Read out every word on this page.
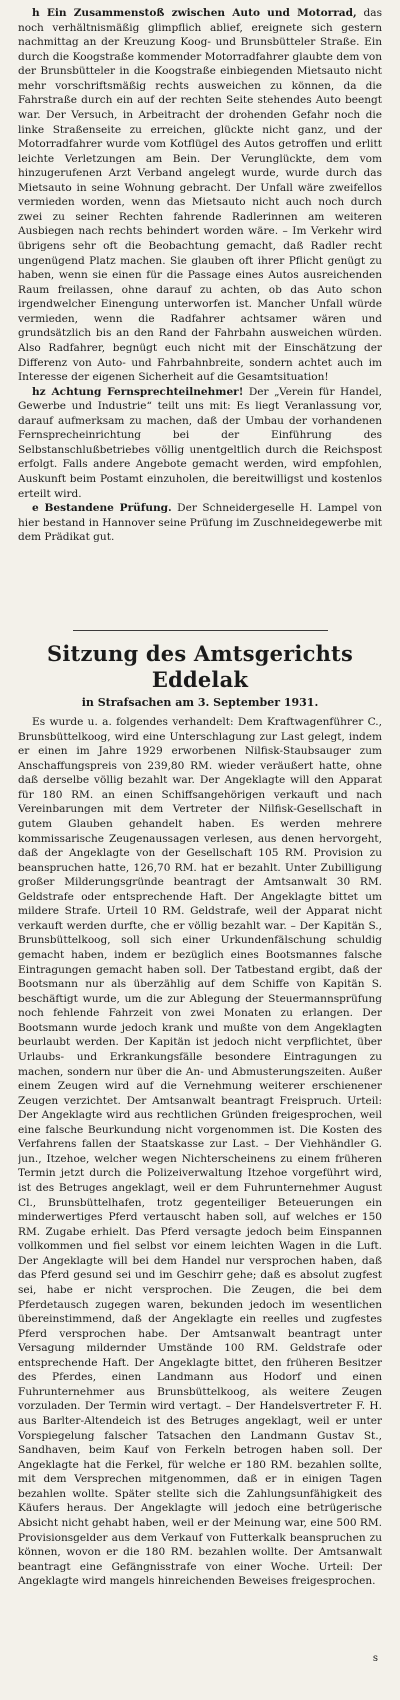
h Ein Zusammenstoß zwischen Auto und Motorrad, das noch verhältnismäßig glimpflich ablief, ereignete sich gestern nachmittag an der Kreuzung Koog- und Brunsbütteler Straße. Ein durch die Koogstraße kommender Motorradfahrer glaubte dem von der Brunsbütteler in die Koogstraße einbiegenden Mietsauto nicht mehr vorschriftsmäßig rechts ausweichen zu können, da die Fahrstraße durch ein auf der rechten Seite stehendes Auto beengt war. Der Versuch, in Arbeitracht der drohenden Gefahr noch die linke Straßenseite zu erreichen, glückte nicht ganz, und der Motorradfahrer wurde vom Kotflügel des Autos getroffen und erlitt leichte Verletzungen am Bein. Der Verunglückte, dem vom hinzugerufenen Arzt Verband angelegt wurde, wurde durch das Mietsauto in seine Wohnung gebracht. Der Unfall wäre zweifellos vermieden worden, wenn das Mietsauto nicht auch noch durch zwei zu seiner Rechten fahrende Radlerinnen am weiteren Ausbiegen nach rechts behindert worden wäre. – Im Verkehr wird übrigens sehr oft die Beobachtung gemacht, daß Radler recht ungenügend Platz machen. Sie glauben oft ihrer Pflicht genügt zu haben, wenn sie einen für die Passage eines Autos ausreichenden Raum freilassen, ohne darauf zu achten, ob das Auto schon irgendwelcher Einengung unterworfen ist. Mancher Unfall würde vermieden, wenn die Radfahrer achtsamer wären und grundsätzlich bis an den Rand der Fahrbahn ausweichen würden. Also Radfahrer, begnügt euch nicht mit der Einschätzung der Differenz von Auto- und Fahrbahnbreite, sondern achtet auch im Interesse der eigenen Sicherheit auf die Gesamtsituation!

hz Achtung Fernsprechteilnehmer! Der „Verein für Handel, Gewerbe und Industrie“ teilt uns mit: Es liegt Veranlassung vor, darauf aufmerksam zu machen, daß der Umbau der vorhandenen Fernsprecheinrichtung bei der Einführung des Selbstanschlußbetriebes völlig unentgeltlich durch die Reichspost erfolgt. Falls andere Angebote gemacht werden, wird empfohlen, Auskunft beim Postamt einzuholen, die bereitwilligst und kostenlos erteilt wird.

e Bestandene Prüfung. Der Schneidergeselle H. Lampel von hier bestand in Hannover seine Prüfung im Zuschneidegewerbe mit dem Prädikat gut.

Sitzung des Amtsgerichts Eddelak
in Strafsachen am 3. September 1931.

Es wurde u. a. folgendes verhandelt: Dem Kraftwagenführer C., Brunsbüttelkoog, wird eine Unterschlagung zur Last gelegt, indem er einen im Jahre 1929 erworbenen Nilfisk-Staubsauger zum Anschaffungspreis von 239,80 RM. wieder veräußert hatte, ohne daß derselbe völlig bezahlt war. Der Angeklagte will den Apparat für 180 RM. an einen Schiffsangehörigen verkauft und nach Vereinbarungen mit dem Vertreter der Nilfisk-Gesellschaft in gutem Glauben gehandelt haben. Es werden mehrere kommissarische Zeugenaussagen verlesen, aus denen hervorgeht, daß der Angeklagte von der Gesellschaft 105 RM. Provision zu beanspruchen hatte, 126,70 RM. hat er bezahlt. Unter Zubilligung großer Milderungsgründe beantragt der Amtsanwalt 30 RM. Geldstrafe oder entsprechende Haft. Der Angeklagte bittet um mildere Strafe. Urteil 10 RM. Geldstrafe, weil der Apparat nicht verkauft werden durfte, che er völlig bezahlt war. – Der Kapitän S., Brunsbüttelkoog, soll sich einer Urkundenfälschung schuldig gemacht haben, indem er bezüglich eines Bootsmannes falsche Eintragungen gemacht haben soll. Der Tatbestand ergibt, daß der Bootsmann nur als überzählig auf dem Schiffe von Kapitän S. beschäftigt wurde, um die zur Ablegung der Steuermannsprüfung noch fehlende Fahrzeit von zwei Monaten zu erlangen. Der Bootsmann wurde jedoch krank und mußte von dem Angeklagten beurlaubt werden. Der Kapitän ist jedoch nicht verpflichtet, über Urlaubs- und Erkrankungsfälle besondere Eintragungen zu machen, sondern nur über die An- und Abmusterungszeiten. Außer einem Zeugen wird auf die Vernehmung weiterer erschienener Zeugen verzichtet. Der Amtsanwalt beantragt Freispruch. Urteil: Der Angeklagte wird aus rechtlichen Gründen freigesprochen, weil eine falsche Beurkundung nicht vorgenommen ist. Die Kosten des Verfahrens fallen der Staatskasse zur Last. – Der Viehhändler G. jun., Itzehoe, welcher wegen Nichterscheinens zu einem früheren Termin jetzt durch die Polizeiverwaltung Itzehoe vorgeführt wird, ist des Betruges angeklagt, weil er dem Fuhrunternehmer August Cl., Brunsbüttelhafen, trotz gegenteiliger Beteuerungen ein minderwertiges Pferd vertauscht haben soll, auf welches er 150 RM. Zugabe erhielt. Das Pferd versagte jedoch beim Einspannen vollkommen und fiel selbst vor einem leichten Wagen in die Luft. Der Angeklagte will bei dem Handel nur versprochen haben, daß das Pferd gesund sei und im Geschirr gehe; daß es absolut zugfest sei, habe er nicht versprochen. Die Zeugen, die bei dem Pferdetausch zugegen waren, bekunden jedoch im wesentlichen übereinstimmend, daß der Angeklagte ein reelles und zugfestes Pferd versprochen habe. Der Amtsanwalt beantragt unter Versagung mildernder Umstände 100 RM. Geldstrafe oder entsprechende Haft. Der Angeklagte bittet, den früheren Besitzer des Pferdes, einen Landmann aus Hodorf und einen Fuhrunternehmer aus Brunsbüttelkoog, als weitere Zeugen vorzuladen. Der Termin wird vertagt. – Der Handelsvertreter F. H. aus Barlter-Altendeich ist des Betruges angeklagt, weil er unter Vorspiegelung falscher Tatsachen den Landmann Gustav St., Sandhaven, beim Kauf von Ferkeln betrogen haben soll. Der Angeklagte hat die Ferkel, für welche er 180 RM. bezahlen sollte, mit dem Versprechen mitgenommen, daß er in einigen Tagen bezahlen wollte. Später stellte sich die Zahlungsunfähigkeit des Käufers heraus. Der Angeklagte will jedoch eine betrügerische Absicht nicht gehabt haben, weil er der Meinung war, eine 500 RM. Provisionsgelder aus dem Verkauf von Futterkalk beanspruchen zu können, wovon er die 180 RM. bezahlen wollte. Der Amtsanwalt beantragt eine Gefängnisstrafe von einer Woche. Urteil: Der Angeklagte wird mangels hinreichenden Beweises freigesprochen.

s
